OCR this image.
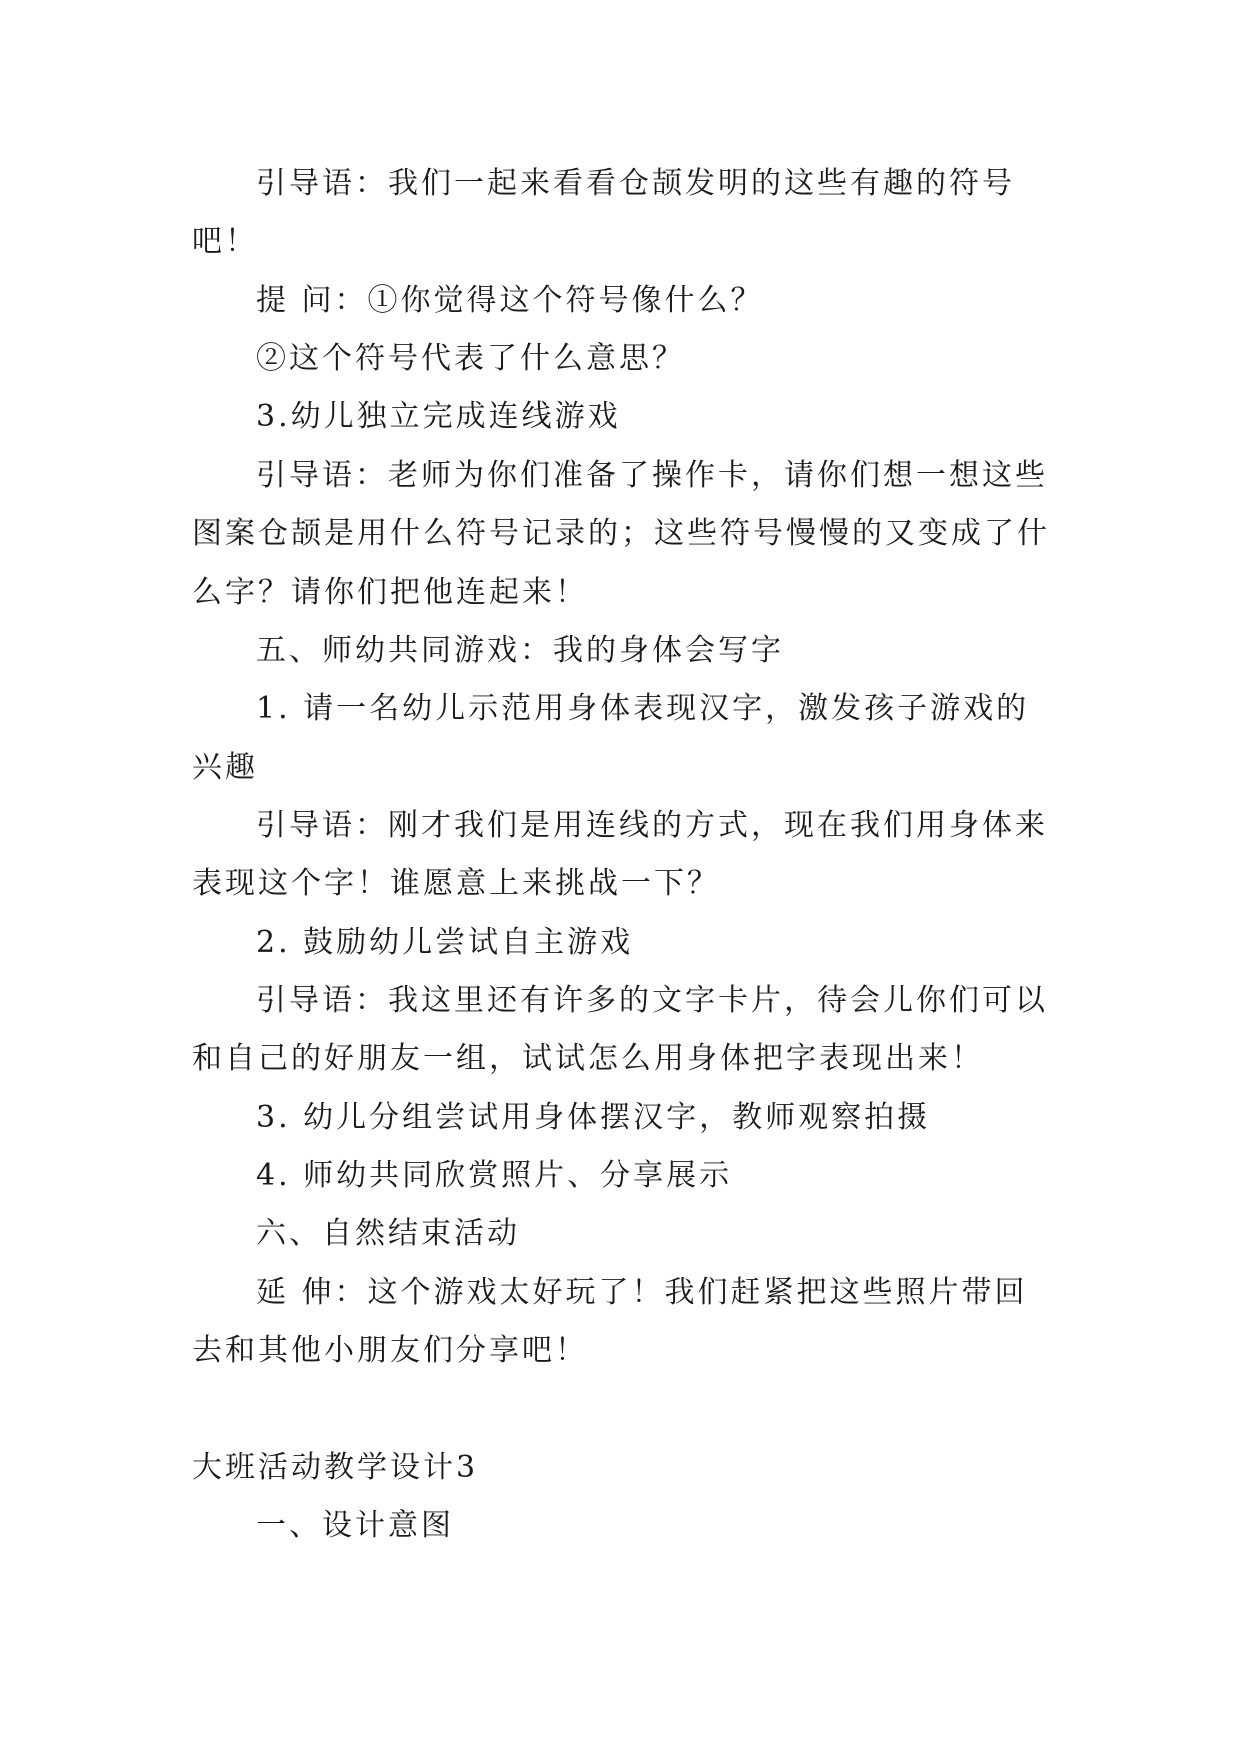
引导语：我们一起来看看仓颉发明的这些有趣的符号
吧！
提 问：①你觉得这个符号像什么？
②这个符号代表了什么意思？
3.幼儿独立完成连线游戏
引导语：老师为你们准备了操作卡，请你们想一想这些
图案仓颉是用什么符号记录的；这些符号慢慢的又变成了什
么字？请你们把他连起来！
五、师幼共同游戏：我的身体会写字
1. 请一名幼儿示范用身体表现汉字，激发孩子游戏的
兴趣
引导语：刚才我们是用连线的方式，现在我们用身体来
表现这个字！谁愿意上来挑战一下？
2. 鼓励幼儿尝试自主游戏
引导语：我这里还有许多的文字卡片，待会儿你们可以
和自己的好朋友一组，试试怎么用身体把字表现出来！
3. 幼儿分组尝试用身体摆汉字，教师观察拍摄
4. 师幼共同欣赏照片、分享展示
六、自然结束活动
延 伸：这个游戏太好玩了！我们赶紧把这些照片带回
去和其他小朋友们分享吧！
大班活动教学设计3
一、设计意图
